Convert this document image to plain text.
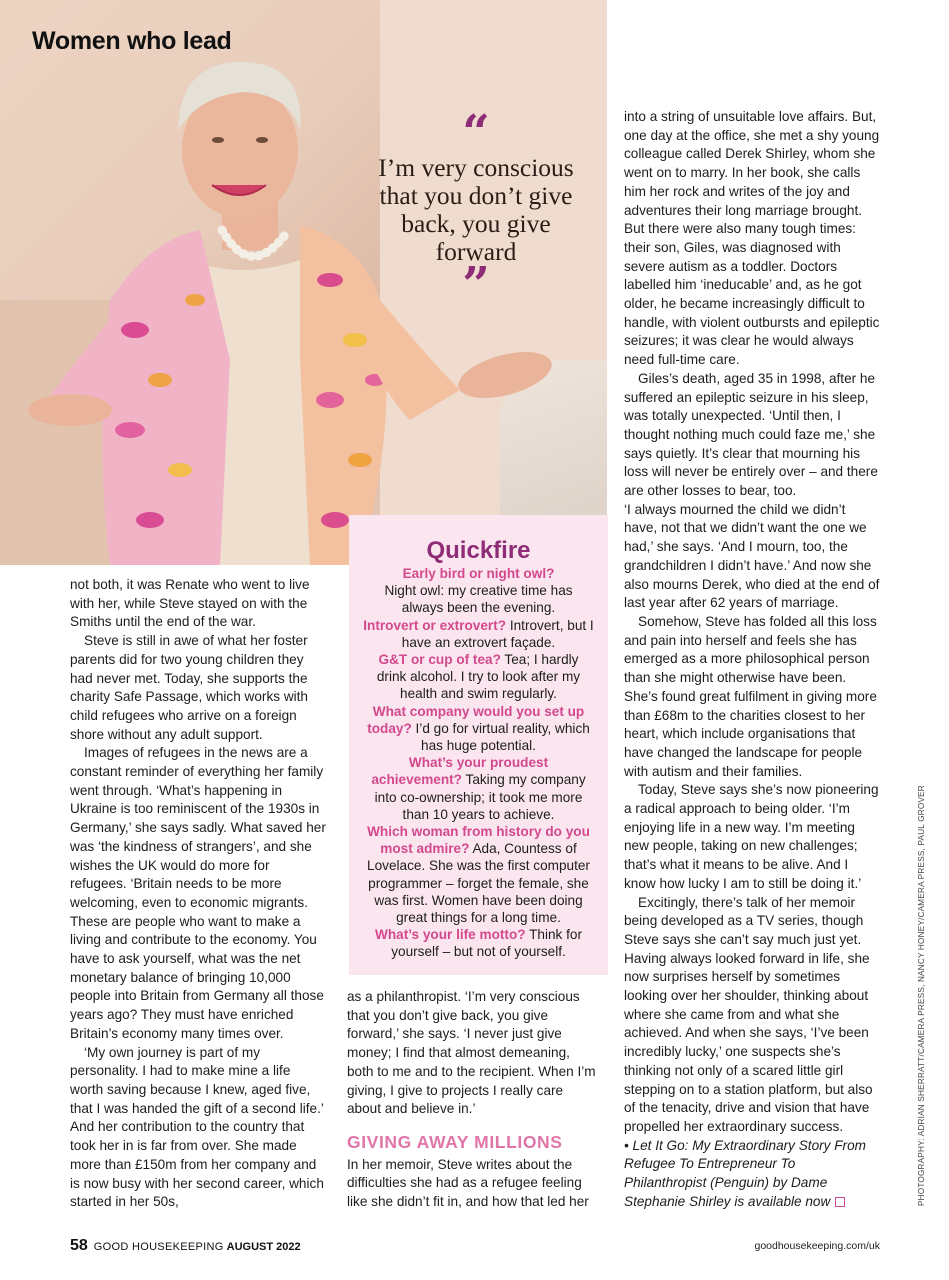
Women who lead
“
I’m very conscious that you don’t give back, you give forward
”

not both, it was Renate who went to live with her, while Steve stayed on with the Smiths until the end of the war.

Steve is still in awe of what her foster parents did for two young children they had never met. Today, she supports the charity Safe Passage, which works with child refugees who arrive on a foreign shore without any adult support.

Images of refugees in the news are a constant reminder of everything her family went through. ‘What’s happening in Ukraine is too reminiscent of the 1930s in Germany,’ she says sadly. What saved her was ‘the kindness of strangers’, and she wishes the UK would do more for refugees. ‘Britain needs to be more welcoming, even to economic migrants. These are people who want to make a living and contribute to the economy. You have to ask yourself, what was the net monetary balance of bringing 10,000 people into Britain from Germany all those years ago? They must have enriched Britain’s economy many times over.

‘My own journey is part of my personality. I had to make mine a life worth saving because I knew, aged five, that I was handed the gift of a second life.’ And her contribution to the country that took her in is far from over. She made more than £150m from her company and is now busy with her second career, which started in her 50s,

Quickfire

Early bird or night owl?
Night owl: my creative time has always been the evening.

Introvert or extrovert? Introvert, but I have an extrovert façade.

G&T or cup of tea? Tea; I hardly drink alcohol. I try to look after my health and swim regularly.

What company would you set up today? I’d go for virtual reality, which has huge potential.

What’s your proudest achievement? Taking my company into co-ownership; it took me more than 10 years to achieve.

Which woman from history do you most admire? Ada, Countess of Lovelace. She was the first computer programmer – forget the female, she was first. Women have been doing great things for a long time.

What’s your life motto? Think for yourself – but not of yourself.

as a philanthropist. ‘I’m very conscious that you don’t give back, you give forward,’ she says. ‘I never just give money; I find that almost demeaning, both to me and to the recipient. When I’m giving, I give to projects I really care about and believe in.’

GIVING AWAY MILLIONS

In her memoir, Steve writes about the difficulties she had as a refugee feeling like she didn’t fit in, and how that led her

into a string of unsuitable love affairs. But, one day at the office, she met a shy young colleague called Derek Shirley, whom she went on to marry. In her book, she calls him her rock and writes of the joy and adventures their long marriage brought. But there were also many tough times: their son, Giles, was diagnosed with severe autism as a toddler. Doctors labelled him ‘ineducable’ and, as he got older, he became increasingly difficult to handle, with violent outbursts and epileptic seizures; it was clear he would always need full-time care.

Giles’s death, aged 35 in 1998, after he suffered an epileptic seizure in his sleep, was totally unexpected. ‘Until then, I thought nothing much could faze me,’ she says quietly. It’s clear that mourning his loss will never be entirely over – and there are other losses to bear, too.

‘I always mourned the child we didn’t have, not that we didn’t want the one we had,’ she says. ‘And I mourn, too, the grandchildren I didn’t have.’ And now she also mourns Derek, who died at the end of last year after 62 years of marriage.

Somehow, Steve has folded all this loss and pain into herself and feels she has emerged as a more philosophical person than she might otherwise have been. She’s found great fulfilment in giving more than £68m to the charities closest to her heart, which include organisations that have changed the landscape for people with autism and their families.

Today, Steve says she’s now pioneering a radical approach to being older. ‘I’m enjoying life in a new way. I’m meeting new people, taking on new challenges; that’s what it means to be alive. And I know how lucky I am to still be doing it.’

Excitingly, there’s talk of her memoir being developed as a TV series, though Steve says she can’t say much just yet. Having always looked forward in life, she now surprises herself by sometimes looking over her shoulder, thinking about where she came from and what she achieved. And when she says, ‘I’ve been incredibly lucky,’ one suspects she’s thinking not only of a scared little girl stepping on to a station platform, but also of the tenacity, drive and vision that have propelled her extraordinary success.

• Let It Go: My Extraordinary Story From Refugee To Entrepreneur To Philanthropist (Penguin) by Dame Stephanie Shirley is available now

58 GOOD HOUSEKEEPING AUGUST 2022	goodhousekeeping.com/uk
PHOTOGRAPHY: ADRIAN SHERRATT/CAMERA PRESS, NANCY HONEY/CAMERA PRESS, PAUL GROVER
